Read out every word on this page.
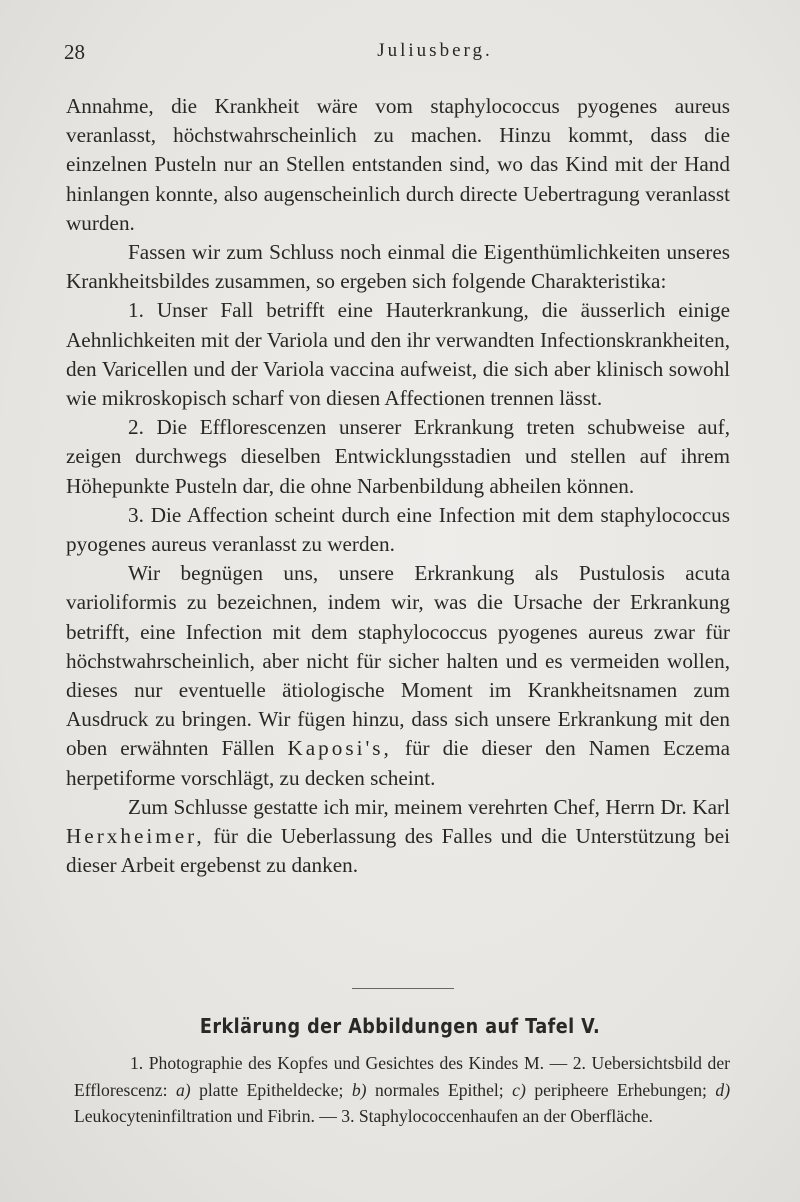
28	Juliusberg.

Annahme, die Krankheit wäre vom staphylococcus pyogenes aureus veranlasst, höchstwahrscheinlich zu machen. Hinzu kommt, dass die einzelnen Pusteln nur an Stellen entstanden sind, wo das Kind mit der Hand hinlangen konnte, also augenscheinlich durch directe Uebertragung veranlasst wurden.

Fassen wir zum Schluss noch einmal die Eigenthümlichkeiten unseres Krankheitsbildes zusammen, so ergeben sich folgende Charakteristika:

1. Unser Fall betrifft eine Hauterkrankung, die äusserlich einige Aehnlichkeiten mit der Variola und den ihr verwandten Infectionskrankheiten, den Varicellen und der Variola vaccina aufweist, die sich aber klinisch sowohl wie mikroskopisch scharf von diesen Affectionen trennen lässt.

2. Die Efflorescenzen unserer Erkrankung treten schubweise auf, zeigen durchwegs dieselben Entwicklungsstadien und stellen auf ihrem Höhepunkte Pusteln dar, die ohne Narbenbildung abheilen können.

3. Die Affection scheint durch eine Infection mit dem staphylococcus pyogenes aureus veranlasst zu werden.

Wir begnügen uns, unsere Erkrankung als Pustulosis acuta varioliformis zu bezeichnen, indem wir, was die Ursache der Erkrankung betrifft, eine Infection mit dem staphylococcus pyogenes aureus zwar für höchstwahrscheinlich, aber nicht für sicher halten und es vermeiden wollen, dieses nur eventuelle ätiologische Moment im Krankheitsnamen zum Ausdruck zu bringen. Wir fügen hinzu, dass sich unsere Erkrankung mit den oben erwähnten Fällen Kaposi's, für die dieser den Namen Eczema herpetiforme vorschlägt, zu decken scheint.

Zum Schlusse gestatte ich mir, meinem verehrten Chef, Herrn Dr. Karl Herxheimer, für die Ueberlassung des Falles und die Unterstützung bei dieser Arbeit ergebenst zu danken.

Erklärung der Abbildungen auf Tafel V.

1. Photographie des Kopfes und Gesichtes des Kindes M. — 2. Uebersichtsbild der Efflorescenz: a) platte Epitheldecke; b) normales Epithel; c) peripheere Erhebungen; d) Leukocyteninfiltration und Fibrin. — 3. Staphylococcenhaufen an der Oberfläche.
